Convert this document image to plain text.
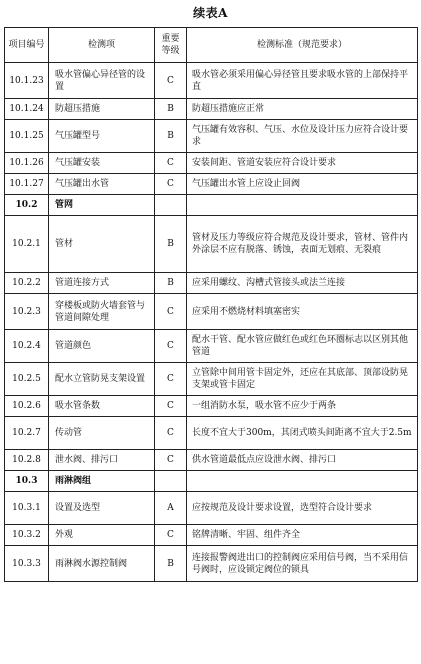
续表A
项目编号	检测项	重要等级	检测标准（规范要求）
10.1.23	吸水管偏心异径管的设置	C	吸水管必须采用偏心异径管且要求吸水管的上部保持平直
10.1.24	防超压措施	B	防超压措施应正常
10.1.25	气压罐型号	B	气压罐有效容积、气压、水位及设计压力应符合设计要求
10.1.26	气压罐安装	C	安装间距、管道安装应符合设计要求
10.1.27	气压罐出水管	C	气压罐出水管上应设止回阀
10.2	管网		
10.2.1	管材	B	管材及压力等级应符合规范及设计要求，管材、管件内外涂层不应有脱落、锈蚀，表面无划痕、无裂痕
10.2.2	管道连接方式	B	应采用螺纹、沟槽式管接头或法兰连接
10.2.3	穿楼板或防火墙套管与管道间隙处理	C	应采用不燃烧材料填塞密实
10.2.4	管道颜色	C	配水干管、配水管应做红色或红色环圈标志以区别其他管道
10.2.5	配水立管防晃支架设置	C	立管除中间用管卡固定外，还应在其底部、顶部设防晃支架或管卡固定
10.2.6	吸水管条数	C	一组消防水泵，吸水管不应少于两条
10.2.7	传动管	C	长度不宜大于300m，其闭式喷头间距离不宜大于2.5m
10.2.8	泄水阀、排污口	C	供水管道最低点应设泄水阀、排污口
10.3	雨淋阀组		
10.3.1	设置及选型	A	应按规范及设计要求设置，选型符合设计要求
10.3.2	外观	C	铭牌清晰、牢固、组件齐全
10.3.3	雨淋阀水源控制阀	B	连接报警阀进出口的控制阀应采用信号阀，当不采用信号阀时，应设锁定阀位的锁具
